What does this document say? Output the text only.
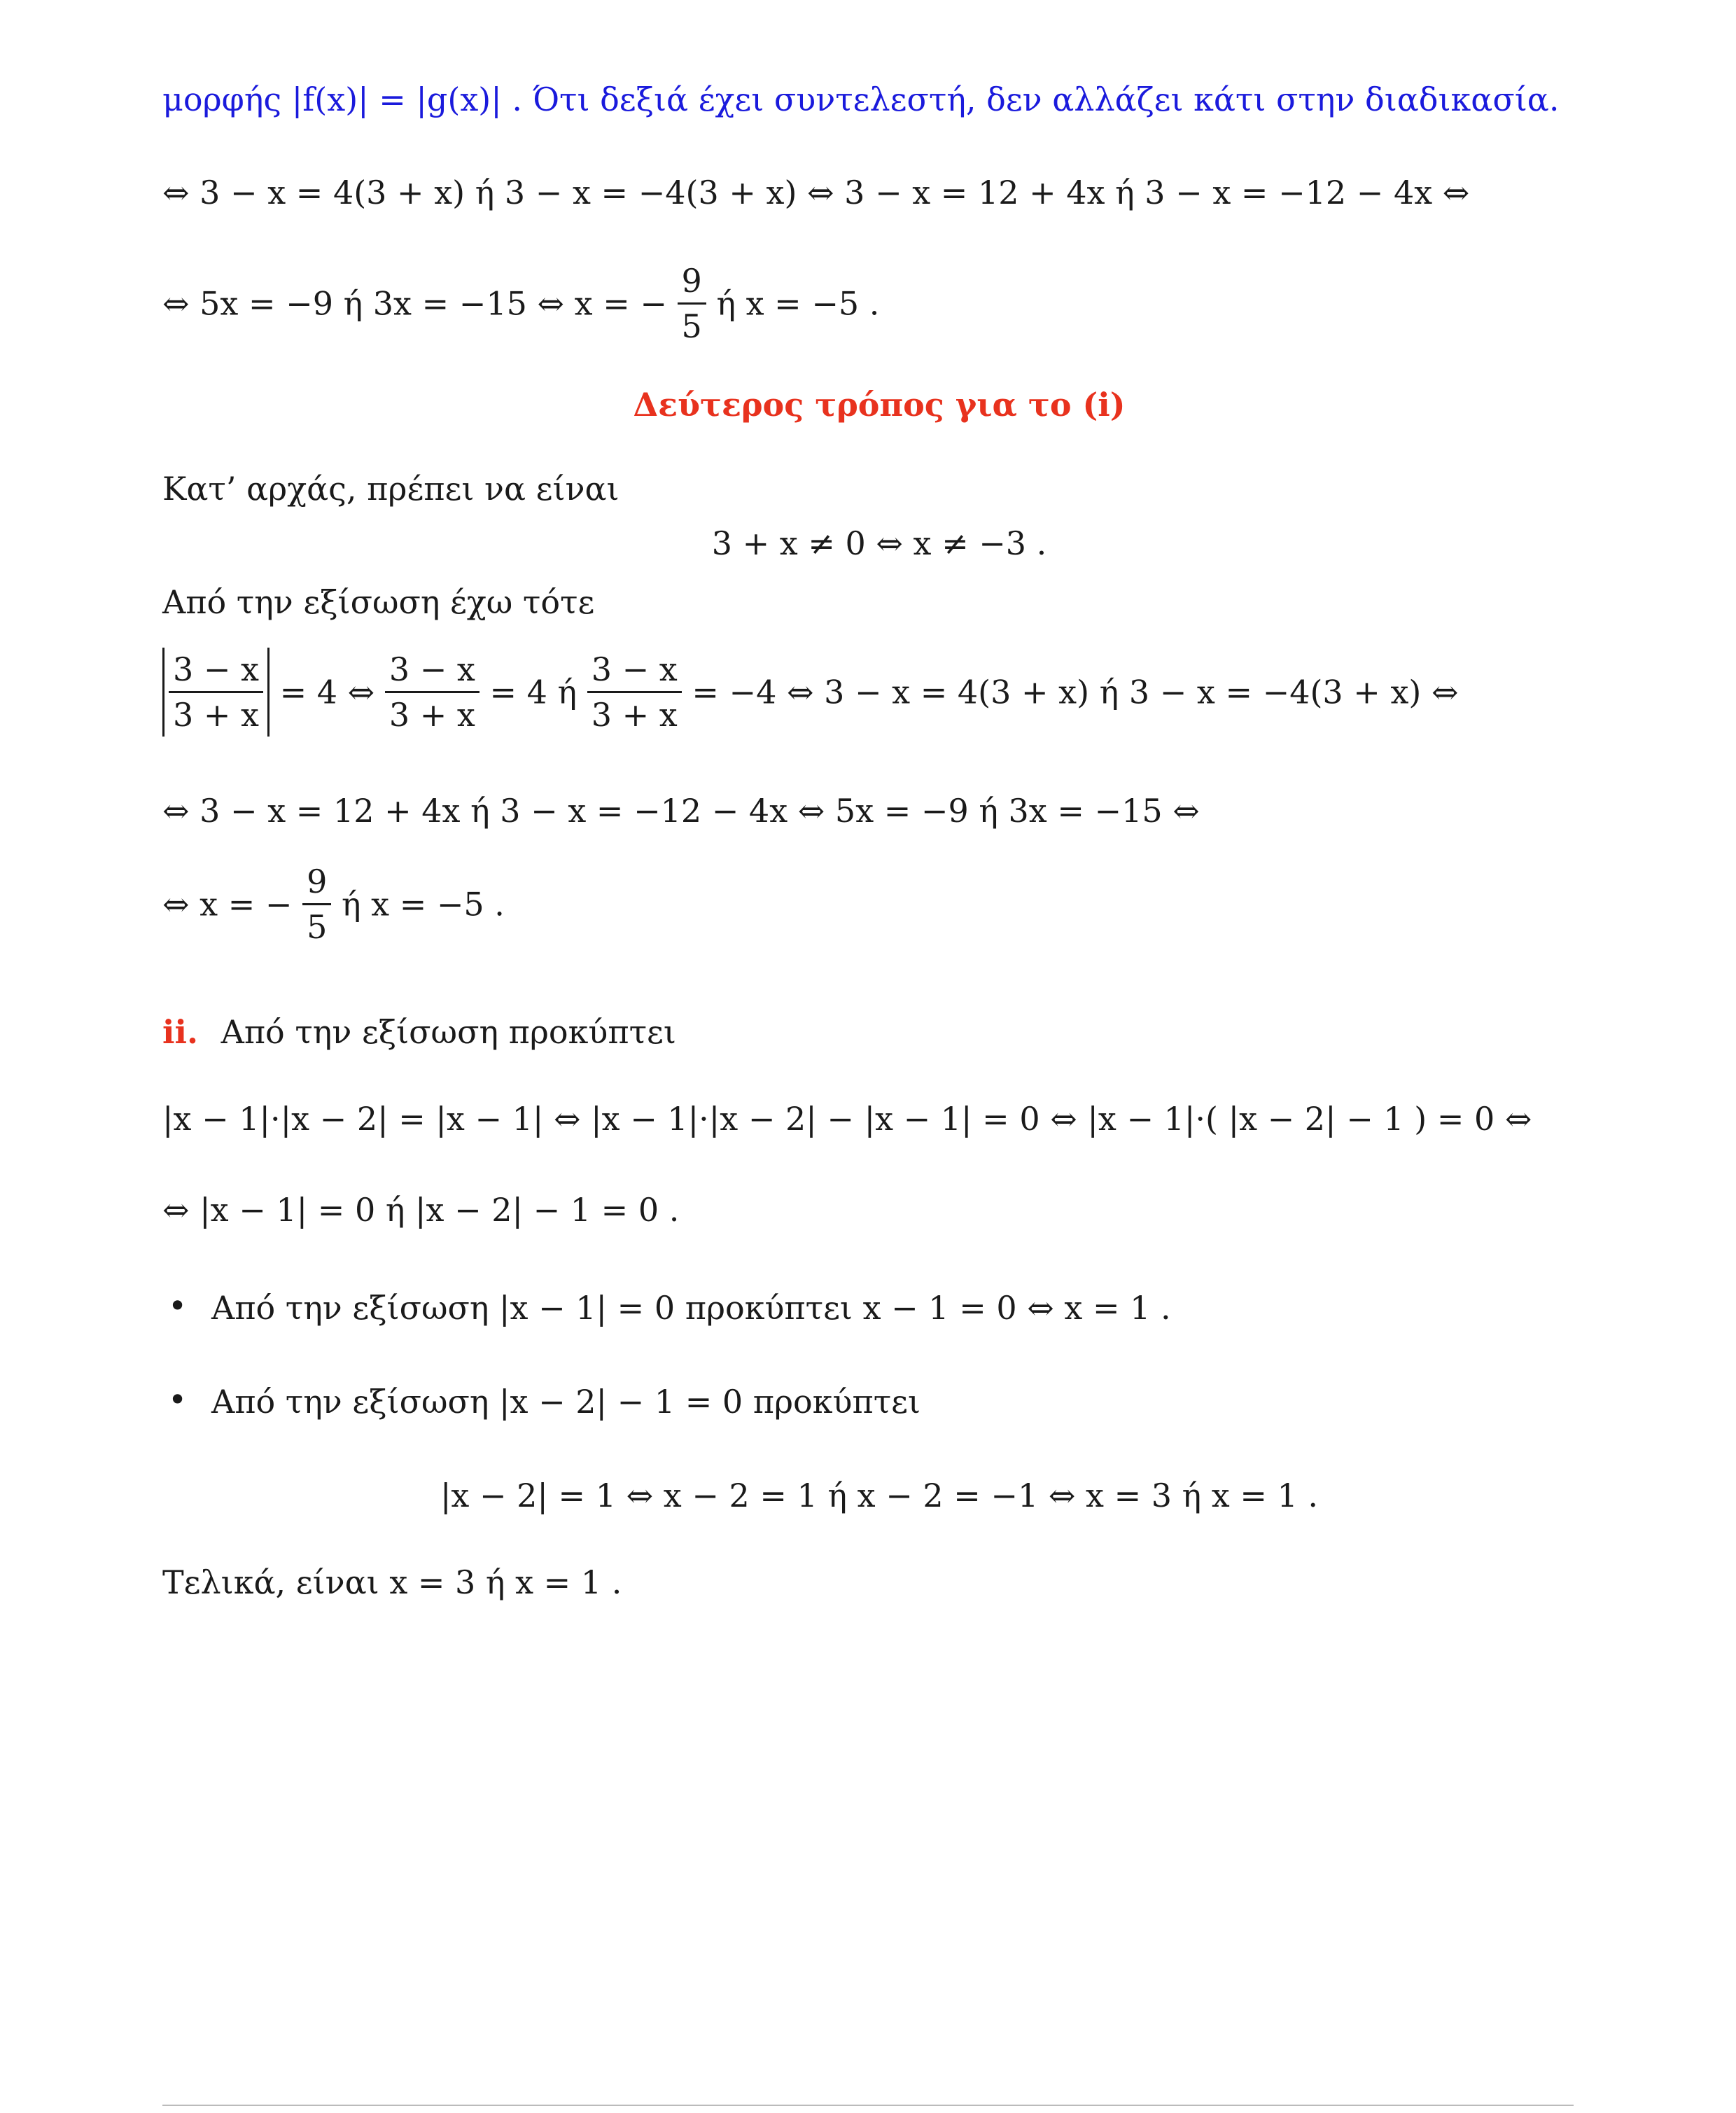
μορφής |f(x)| = |g(x)| . Ότι δεξιά έχει συντελεστή, δεν αλλάζει κάτι στην διαδικασία.
⇔ 3 − x = 4(3 + x) ή 3 − x = −4(3 + x) ⇔ 3 − x = 12 + 4x ή 3 − x = −12 − 4x ⇔
⇔ 5x = −9 ή 3x = −15 ⇔ x = − $\frac{9}{5}$ ή x = −5 .
Δεύτερος τρόπος για το (i)
Κατ’ αρχάς, πρέπει να είναι
3 + x ≠ 0 ⇔ x ≠ −3 .
Από την εξίσωση έχω τότε
$\frac{3 - x}{3 + x} = 4$ ⇔ $\frac{3 - x}{3 + x} = 4$ ή $\frac{3 - x}{3 + x} = -4$ ⇔ 3 − x = 4(3 + x) ή 3 − x = −4(3 + x) ⇔
⇔ 3 − x = 12 + 4x ή 3 − x = −12 − 4x ⇔ 5x = −9 ή 3x = −15 ⇔
⇔ x = − $\frac{9}{5}$ ή x = −5 .
ii. Από την εξίσωση προκύπτει
|x − 1|·|x − 2| = |x − 1| ⇔ |x − 1|·|x − 2| − |x − 1| = 0 ⇔ |x − 1|·( |x − 2| − 1 ) = 0 ⇔
⇔ |x − 1| = 0 ή |x − 2| − 1 = 0 .
• Από την εξίσωση |x − 1| = 0 προκύπτει x − 1 = 0 ⇔ x = 1 .
• Από την εξίσωση |x − 2| − 1 = 0 προκύπτει
|x − 2| = 1 ⇔ x − 2 = 1 ή x − 2 = −1 ⇔ x = 3 ή x = 1 .
Τελικά, είναι x = 3 ή x = 1 .
